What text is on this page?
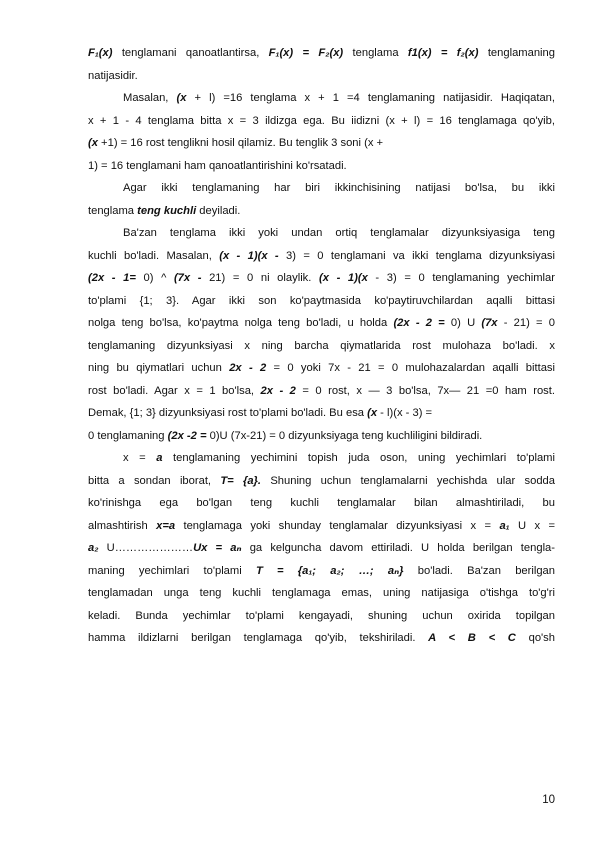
F₁(x) tenglamani qanoatlantirsa, F₁(x) = F₂(x) tenglama f1(x) = f₂(x) tenglamaning
natijasidir.
Masalan, (x + l) =16 tenglama x + 1 =4 tenglamaning natijasidir. Haqiqatan,
x + 1 - 4 tenglama bitta x = 3 ildizga ega. Bu iidizni (x + l) = 16 tenglamaga qo'yib,
(x +1) = 16 rost tenglikni hosil qilamiz. Bu tenglik 3 soni (x +
1) = 16 tenglamani ham qanoatlantirishini ko'rsatadi.
Agar ikki tenglamaning har biri ikkinchisining natijasi bo'lsa, bu ikki
tenglama teng kuchli deyiladi.
Ba'zan tenglama ikki yoki undan ortiq tenglamalar dizyunksiyasiga teng
kuchli bo'ladi. Masalan, (x - 1)(x - 3) = 0 tenglamani va ikki tenglama dizyunksiyasi
(2x - 1= 0) ^ (7x - 21) = 0 ni olaylik. (x - 1)(x - 3) = 0 tenglamaning yechimlar
to'plami {1; 3}. Agar ikki son ko'paytmasida ko'paytiruvchilardan aqalli bittasi
nolga teng bo'lsa, ko'paytma nolga teng bo'ladi, u holda (2x - 2 = 0) U (7x - 21) = 0
tenglamaning dizyunksiyasi x ning barcha qiymatlarida rost mulohaza bo'ladi. x
ning bu qiymatlari uchun 2x - 2 = 0 yoki 7x - 21 = 0 mulohazalardan aqalli bittasi
rost bo'ladi. Agar x = 1 bo'lsa, 2x - 2 = 0 rost, x — 3 bo'lsa, 7x— 21 =0 ham rost.
Demak, {1; 3} dizyunksiyasi rost to'plami bo'ladi. Bu esa (x - l)(x - 3) =
0 tenglamaning (2x -2 = 0)U (7x-21) = 0 dizyunksiyaga teng kuchliligini bildiradi.
x = a tenglamaning yechimini topish juda oson, uning yechimlari to'plami
bitta a sondan iborat, T= {a}. Shuning uchun tenglamalarni yechishda ular sodda
ko'rinishga ega bo'lgan teng kuchli tenglamalar bilan almashtiriladi, bu
almashtirish x=a tenglamaga yoki shunday tenglamalar dizyunksiyasi x = a₁ U x =
a₂ U…………………Ux = aₙ ga kelguncha davom ettiriladi. U holda berilgan tengla-
maning yechimlari to'plami T = {a₁; a₂; …; aₙ} bo'ladi. Ba'zan berilgan
tenglamadan unga teng kuchli tenglamaga emas, uning natijasiga o'tishga to'g'ri
keladi. Bunda yechimlar to'plami kengayadi, shuning uchun oxirida topilgan
hamma ildizlarni berilgan tenglamaga qo'yib, tekshiriladi. A < B < C qo'sh
10
